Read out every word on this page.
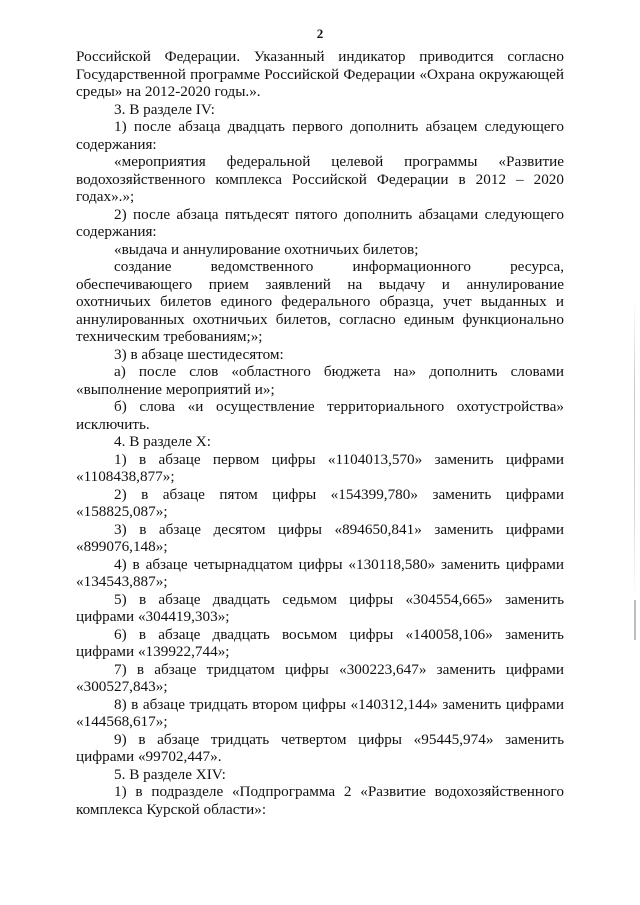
2

Российской Федерации. Указанный индикатор приводится согласно Государственной программе Российской Федерации «Охрана окружающей среды» на 2012-2020 годы.».

3. В разделе IV:

1) после абзаца двадцать первого дополнить абзацем следующего содержания:

«мероприятия федеральной целевой программы «Развитие водохозяйственного комплекса Российской Федерации в 2012 – 2020 годах».»;

2) после абзаца пятьдесят пятого дополнить абзацами следующего содержания:

«выдача и аннулирование охотничьих билетов;

создание ведомственного информационного ресурса, обеспечивающего прием заявлений на выдачу и аннулирование охотничьих билетов единого федерального образца, учет выданных и аннулированных охотничьих билетов, согласно единым функционально техническим требованиям;»;

3) в абзаце шестидесятом:

а) после слов «областного бюджета на» дополнить словами «выполнение мероприятий и»;

б) слова «и осуществление территориального охотустройства» исключить.

4. В разделе X:

1) в абзаце первом цифры «1104013,570» заменить цифрами «1108438,877»;

2) в абзаце пятом цифры «154399,780» заменить цифрами «158825,087»;

3) в абзаце десятом цифры «894650,841» заменить цифрами «899076,148»;

4) в абзаце четырнадцатом цифры «130118,580» заменить цифрами «134543,887»;

5) в абзаце двадцать седьмом цифры «304554,665» заменить цифрами «304419,303»;

6) в абзаце двадцать восьмом цифры «140058,106» заменить цифрами «139922,744»;

7) в абзаце тридцатом цифры «300223,647» заменить цифрами «300527,843»;

8) в абзаце тридцать втором цифры «140312,144» заменить цифрами «144568,617»;

9) в абзаце тридцать четвертом цифры «95445,974» заменить цифрами «99702,447».

5. В разделе XIV:

1) в подразделе «Подпрограмма 2 «Развитие водохозяйственного комплекса Курской области»:
